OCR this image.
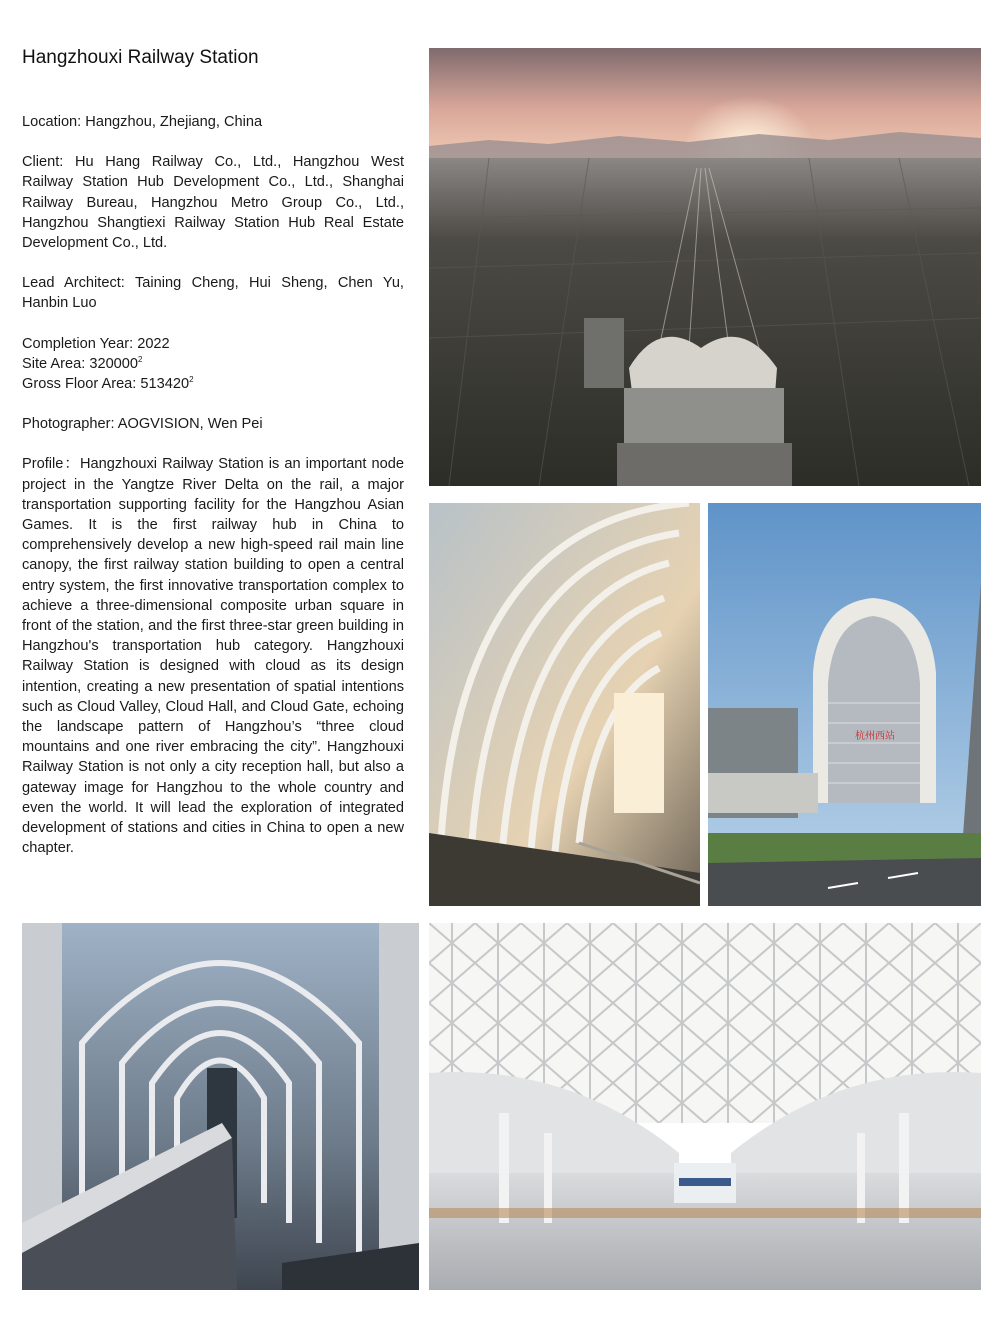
Hangzhouxi Railway Station

Location: Hangzhou, Zhejiang, China

Client: Hu Hang Railway Co., Ltd., Hangzhou West Railway Station Hub Development Co., Ltd., Shanghai Railway Bureau, Hangzhou Metro Group Co., Ltd., Hangzhou Shangtiexi Railway Station Hub Real Estate Development Co., Ltd.

Lead Architect: Taining Cheng, Hui Sheng, Chen Yu, Hanbin Luo

Completion Year: 2022

Site Area: 320000$^2$

Gross Floor Area: 513420$^2$

Photographer: AOGVISION, Wen Pei

Profile：Hangzhouxi Railway Station is an important node project in the Yangtze River Delta on the rail, a major transportation supporting facility for the Hangzhou Asian Games. It is the first railway hub in China to comprehensively develop a new high-speed rail main line canopy, the first railway station building to open a central entry system, the first innovative transportation complex to achieve a three-dimensional composite urban square in front of the station, and the first three-star green building in Hangzhou's transportation hub category. Hangzhouxi Railway Station is designed with cloud as its design intention, creating a new presentation of spatial intentions such as Cloud Valley, Cloud Hall, and Cloud Gate, echoing the landscape pattern of Hangzhou’s “three cloud mountains and one river embracing the city”. Hangzhouxi Railway Station is not only a city reception hall, but also a gateway image for Hangzhou to the whole country and even the world. It will lead the exploration of integrated development of stations and cities in China to open a new chapter.

杭州西站
